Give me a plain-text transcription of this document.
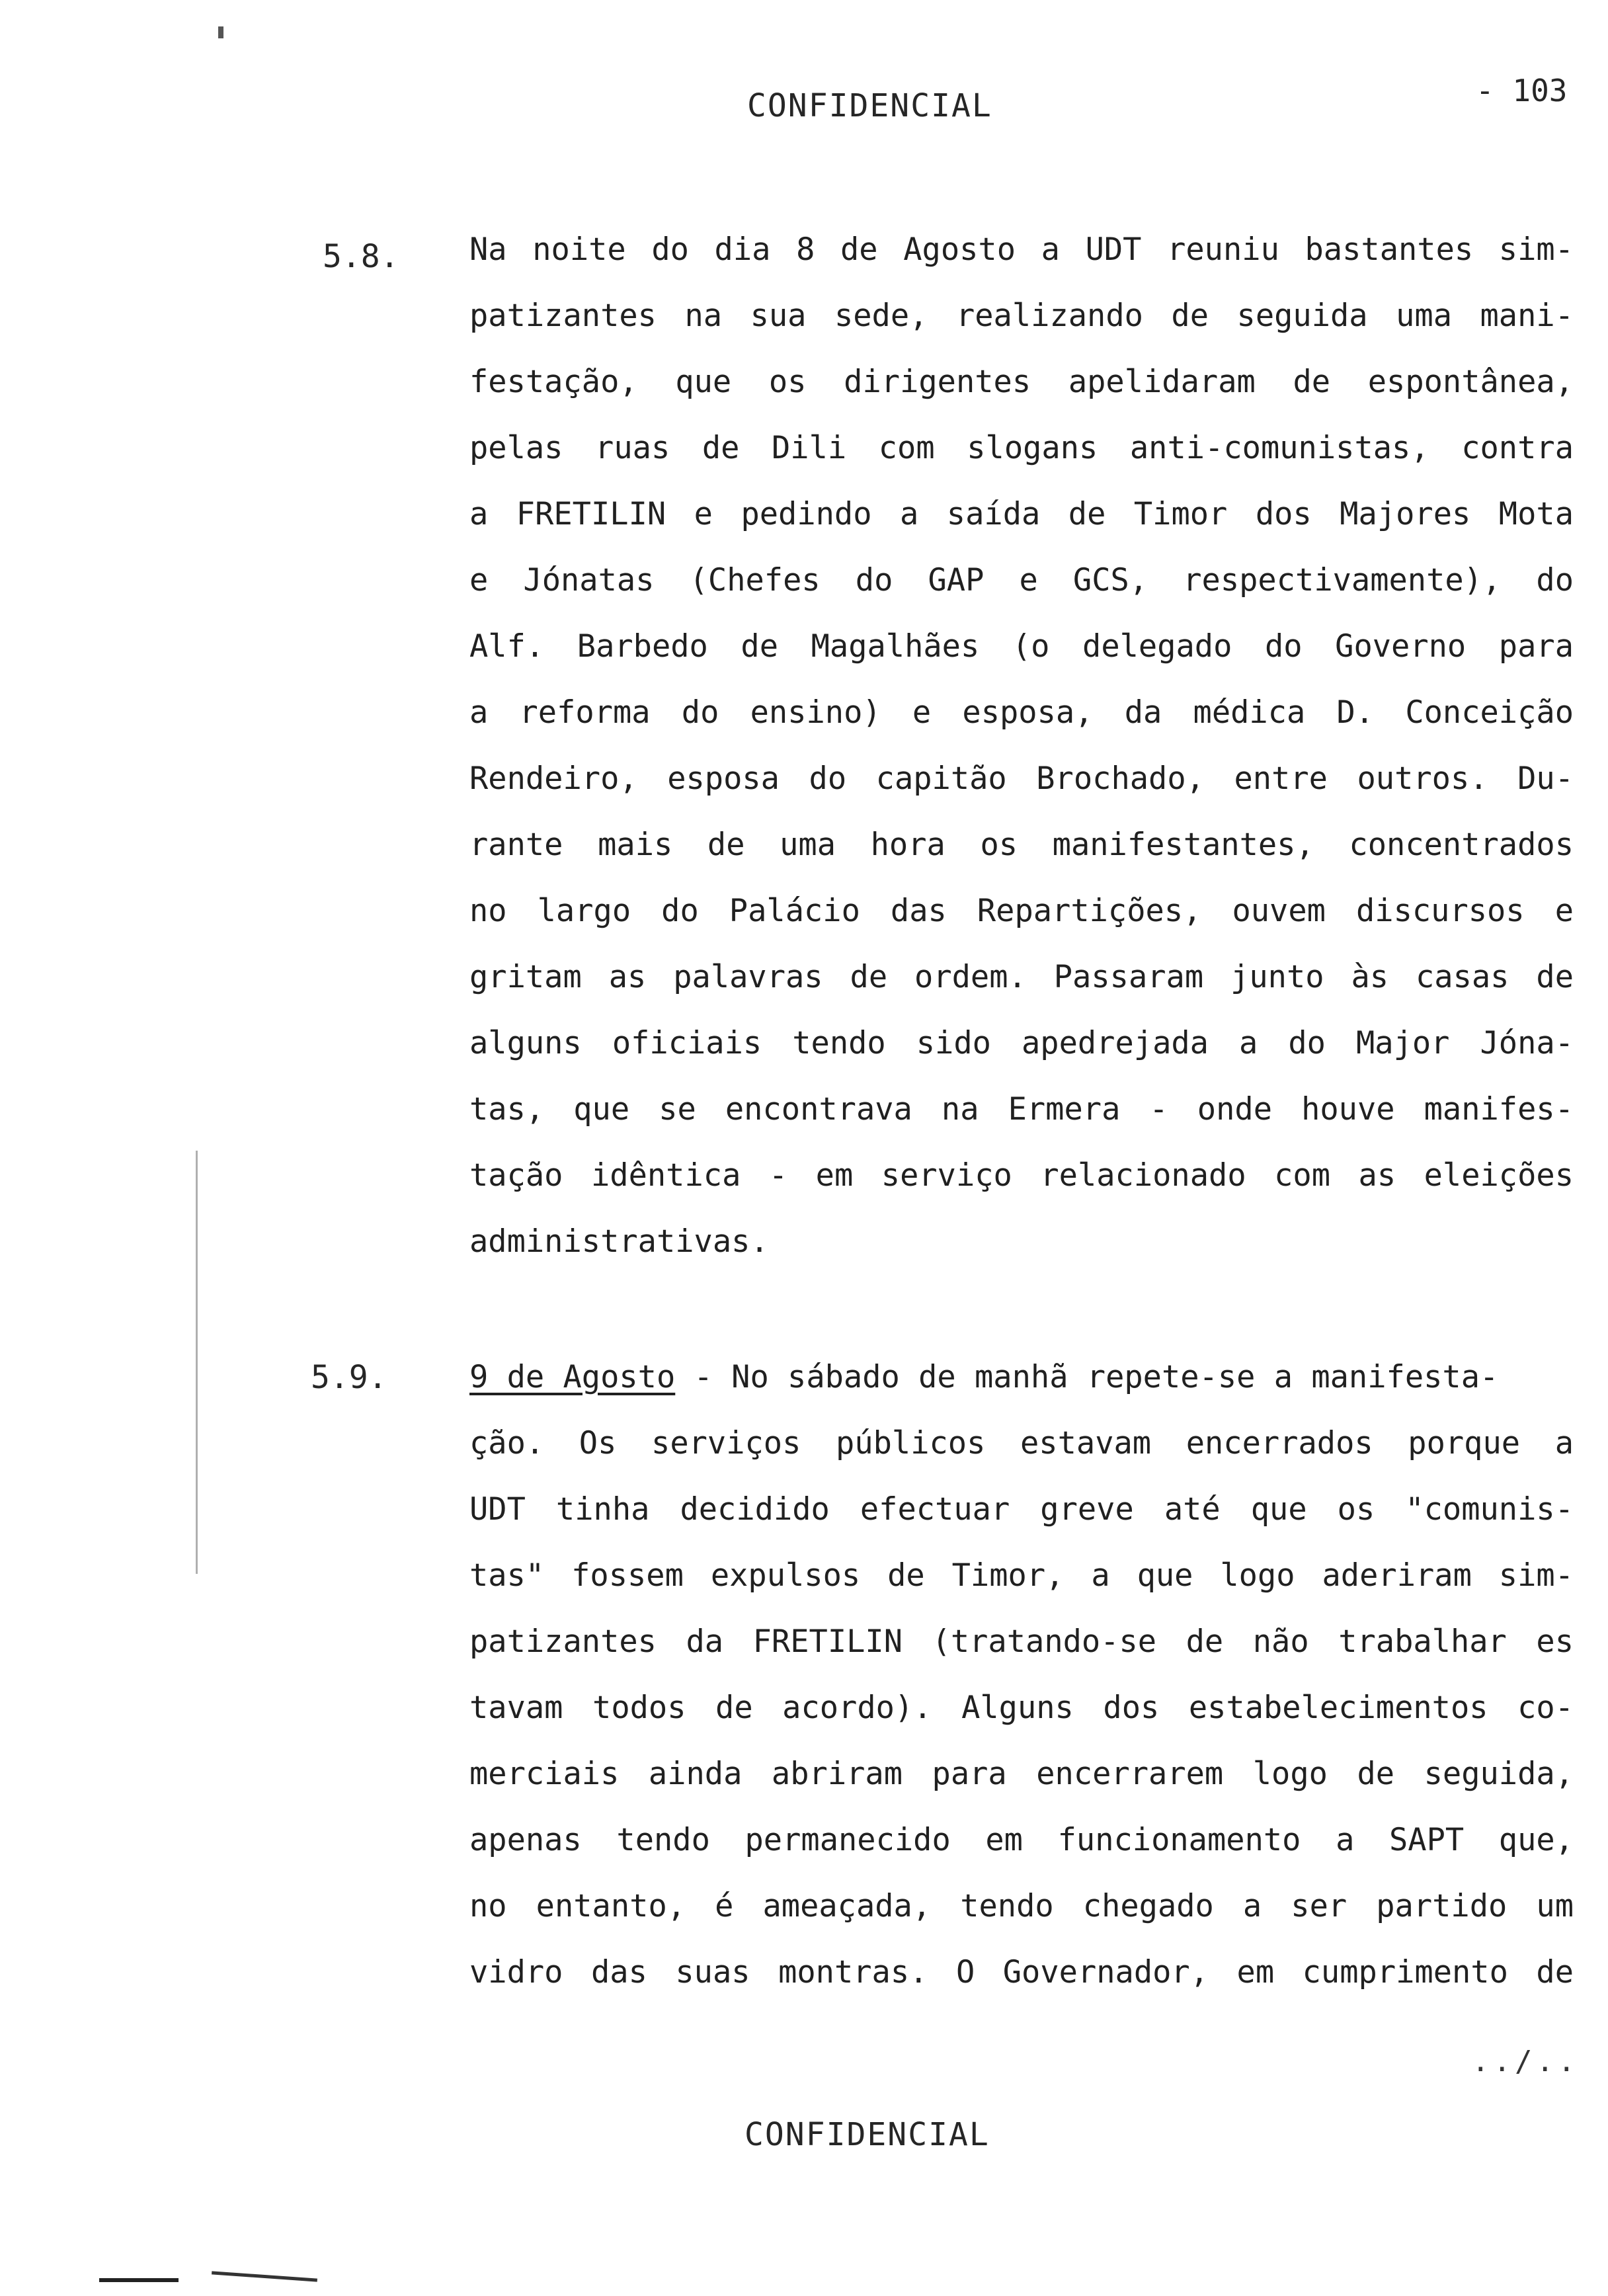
CONFIDENCIAL	- 103
5.8. Na noite do dia 8 de Agosto a UDT reuniu bastantes sim-
patizantes na sua sede, realizando de seguida uma mani-
festação, que os dirigentes apelidaram de espontânea,
pelas ruas de Dili com slogans anti-comunistas, contra
a FRETILIN e pedindo a saída de Timor dos Majores Mota
e Jónatas (Chefes do GAP e GCS, respectivamente), do
Alf. Barbedo de Magalhães (o delegado do Governo para
a reforma do ensino) e esposa, da médica D. Conceição
Rendeiro, esposa do capitão Brochado, entre outros. Du-
rante mais de uma hora os manifestantes, concentrados
no largo do Palácio das Repartições, ouvem discursos e
gritam as palavras de ordem. Passaram junto às casas de
alguns oficiais tendo sido apedrejada a do Major Jóna-
tas, que se encontrava na Ermera - onde houve manifes-
tação idêntica - em serviço relacionado com as eleições
administrativas.
5.9.	9 de Agosto - No sábado de manhã repete-se a manifesta-
ção. Os serviços públicos estavam encerrados porque a
UDT tinha decidido efectuar greve até que os "comunis-
tas" fossem expulsos de Timor, a que logo aderiram sim-
patizantes da FRETILIN (tratando-se de não trabalhar es
tavam todos de acordo). Alguns dos estabelecimentos co-
merciais ainda abriram para encerrarem logo de seguida,
apenas tendo permanecido em funcionamento a SAPT que,
no entanto, é ameaçada, tendo chegado a ser partido um
vidro das suas montras. O Governador, em cumprimento de
../..
CONFIDENCIAL
